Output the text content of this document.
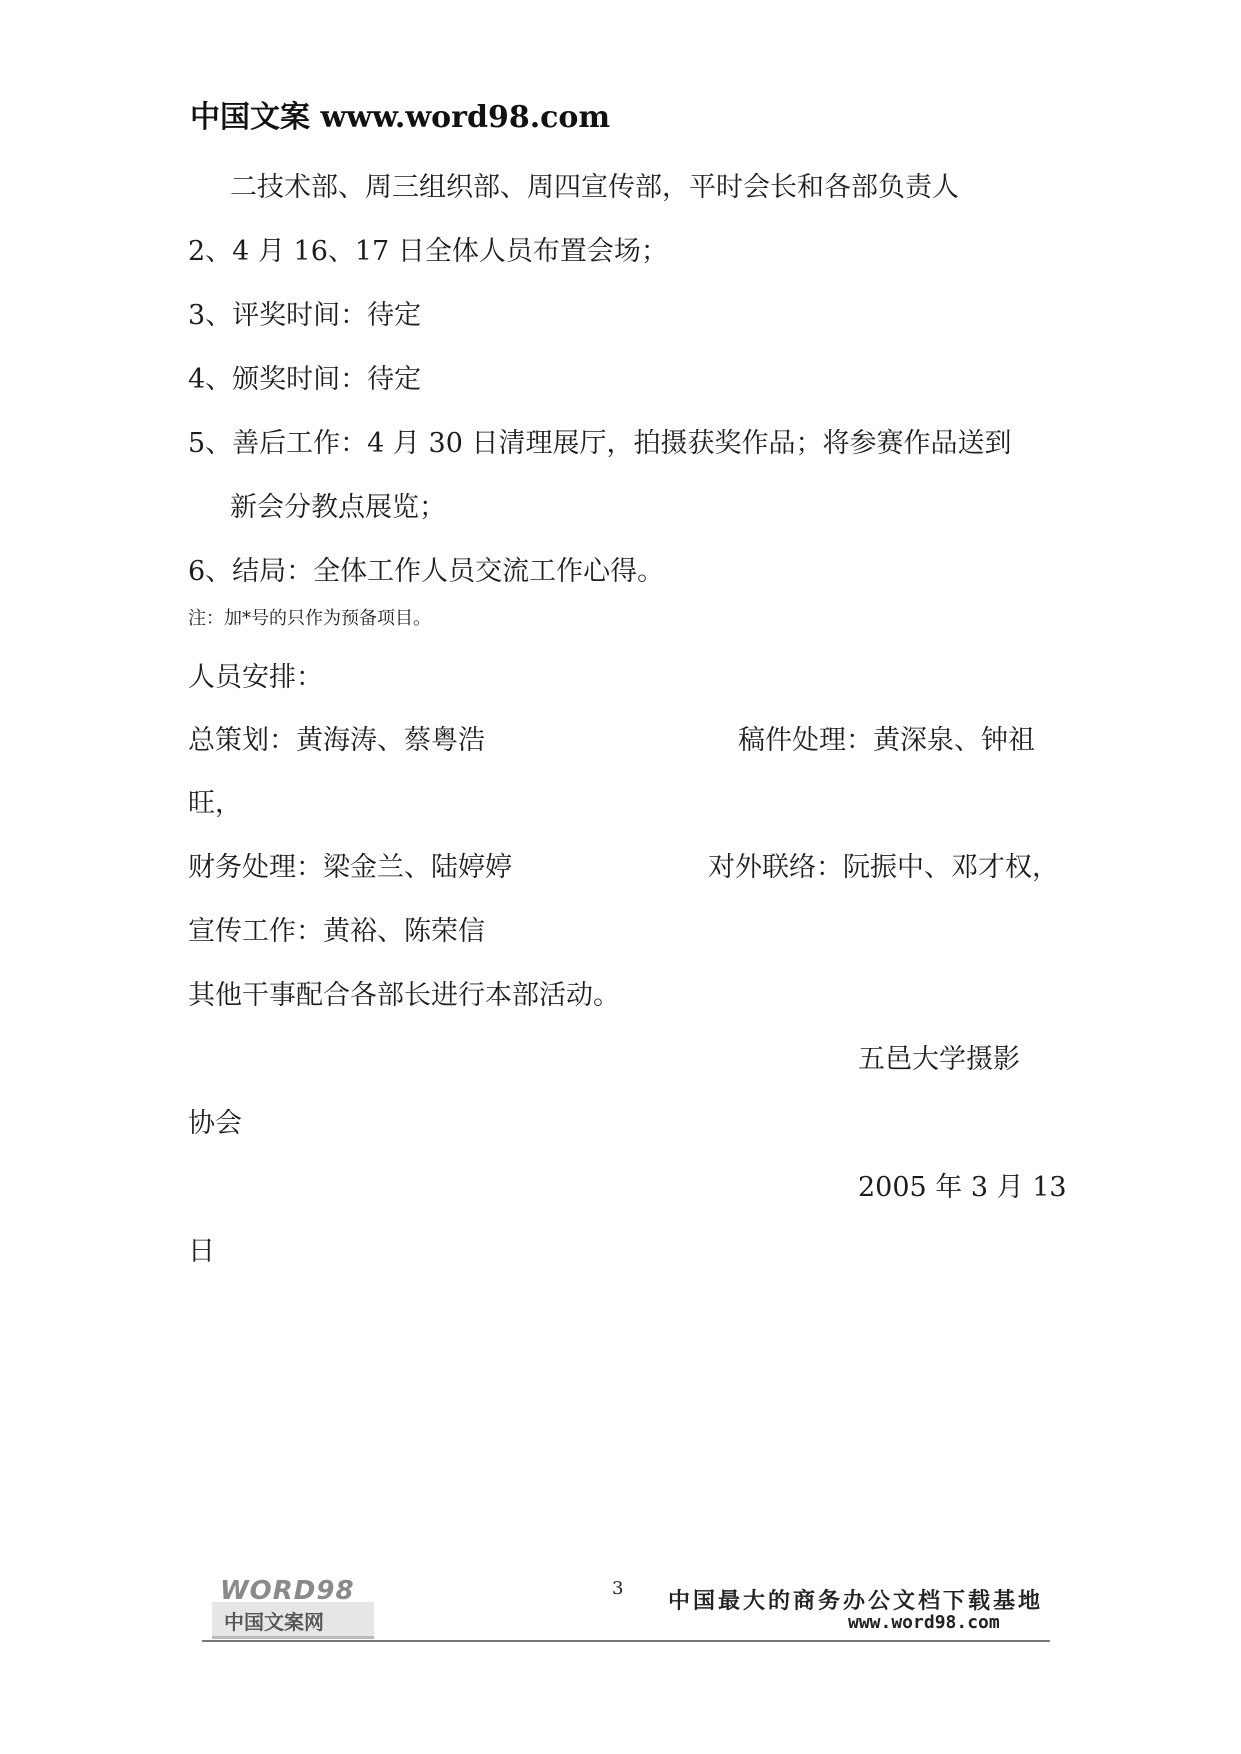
中国文案 www.word98.com
二技术部、周三组织部、周四宣传部，平时会长和各部负责人
2、4 月 16、17 日全体人员布置会场；
3、评奖时间：待定
4、颁奖时间：待定
5、善后工作：4 月 30 日清理展厅，拍摄获奖作品；将参赛作品送到
新会分教点展览；
6、结局：全体工作人员交流工作心得。
注：加*号的只作为预备项目。
人员安排：
总策划：黄海涛、蔡粤浩	稿件处理：黄深泉、钟祖
旺，
财务处理：梁金兰、陆婷婷	对外联络：阮振中、邓才权，
宣传工作：黄裕、陈荣信
其他干事配合各部长进行本部活动。
五邑大学摄影
协会
2005 年 3 月 13
日
WORD98
中国文案网
3
中国最大的商务办公文档下载基地
www.word98.com
